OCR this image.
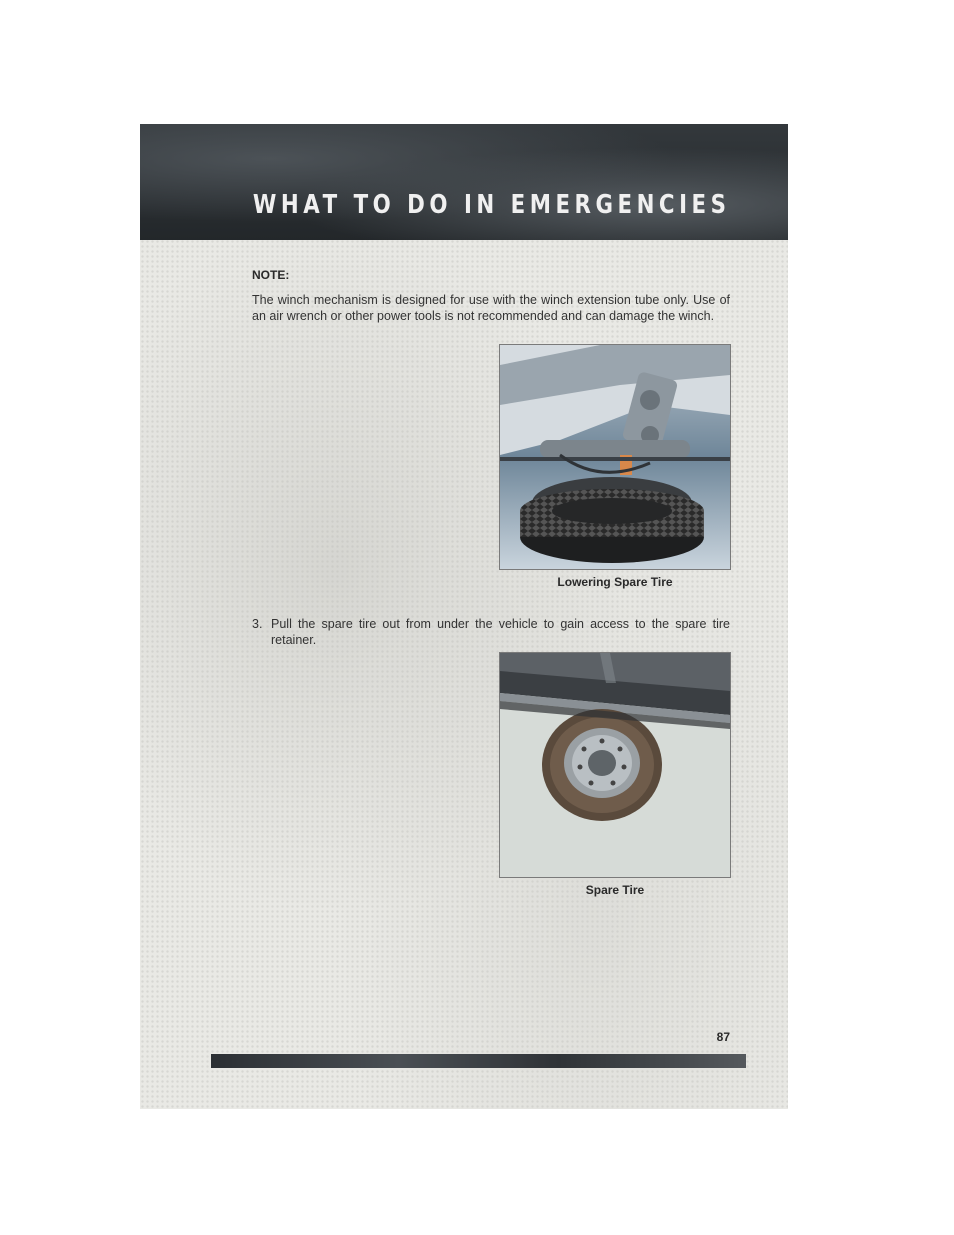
WHAT TO DO IN EMERGENCIES
NOTE:
The winch mechanism is designed for use with the winch extension tube only. Use of an air wrench or other power tools is not recommended and can damage the winch.
Lowering Spare Tire
3. Pull the spare tire out from under the vehicle to gain access to the spare tire retainer.
Spare Tire
87
